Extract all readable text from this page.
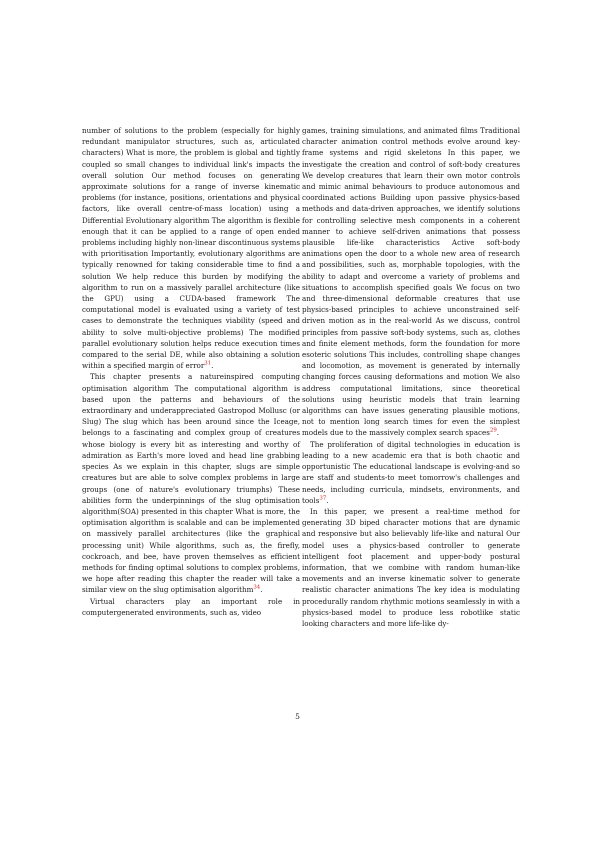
number of solutions to the problem (especially for highly redundant manipulator structures, such as, articulated characters) What is more, the problem is global and tightly coupled so small changes to individual link's impacts the overall solution Our method focuses on generating approximate solutions for a range of inverse kinematic problems (for instance, positions, orientations and physical factors, like overall centre-of-mass location) using a Differential Evolutionary algorithm The algorithm is flexible enough that it can be applied to a range of open ended problems including highly non-linear discontinuous systems with prioritisation Importantly, evolutionary algorithms are typically renowned for taking considerable time to find a solution We help reduce this burden by modifying the algorithm to run on a massively parallel architecture (like the GPU) using a CUDA-based framework The computational model is evaluated using a variety of test cases to demonstrate the techniques viability (speed and ability to solve multi-objective problems) The modified parallel evolutionary solution helps reduce execution times compared to the serial DE, while also obtaining a solution within a specified margin of error$^{31}$.

This chapter presents a natureinspired computing optimisation algorithm The computational algorithm is based upon the patterns and behaviours of the extraordinary and underappreciated Gastropod Mollusc (or Slug) The slug which has been around since the Iceage, belongs to a fascinating and complex group of creatures whose biology is every bit as interesting and worthy of admiration as Earth's more loved and head line grabbing species As we explain in this chapter, slugs are simple creatures but are able to solve complex problems in large groups (one of nature's evolutionary triumphs) These abilities form the underpinnings of the slug optimisation algorithm(SOA) presented in this chapter What is more, the optimisation algorithm is scalable and can be implemented on massively parallel architectures (like the graphical processing unit) While algorithms, such as, the firefly, cockroach, and bee, have proven themselves as efficient methods for finding optimal solutions to complex problems, we hope after reading this chapter the reader will take a similar view on the slug optimisation algorithm$^{34}$.

Virtual characters play an important role in computergenerated environments, such as, video

games, training simulations, and animated films Traditional character animation control methods evolve around key-frame systems and rigid skeletons In this paper, we investigate the creation and control of soft-body creatures We develop creatures that learn their own motor controls and mimic animal behaviours to produce autonomous and coordinated actions Building upon passive physics-based methods and data-driven approaches, we identify solutions for controlling selective mesh components in a coherent manner to achieve self-driven animations that possess plausible life-like characteristics Active soft-body animations open the door to a whole new area of research and possibilities, such as, morphable topologies, with the ability to adapt and overcome a variety of problems and situations to accomplish specified goals We focus on two and three-dimensional deformable creatures that use physics-based principles to achieve unconstrained self-driven motion as in the real-world As we discuss, control principles from passive soft-body systems, such as, clothes and finite element methods, form the foundation for more esoteric solutions This includes, controlling shape changes and locomotion, as movement is generated by internally changing forces causing deformations and motion We also address computational limitations, since theoretical solutions using heuristic models that train learning algorithms can have issues generating plausible motions, not to mention long search times for even the simplest models due to the massively complex search spaces$^{29}$.

The proliferation of digital technologies in education is leading to a new academic era that is both chaotic and opportunistic The educational landscape is evolving-and so are staff and students-to meet tomorrow's challenges and needs, including curricula, mindsets, environments, and tools$^{37}$.

In this paper, we present a real-time method for generating 3D biped character motions that are dynamic and responsive but also believably life-like and natural Our model uses a physics-based controller to generate intelligent foot placement and upper-body postural information, that we combine with random human-like movements and an inverse kinematic solver to generate realistic character animations The key idea is modulating procedurally random rhythmic motions seamlessly in with a physics-based model to produce less robotlike static looking characters and more life-like dy-

5
